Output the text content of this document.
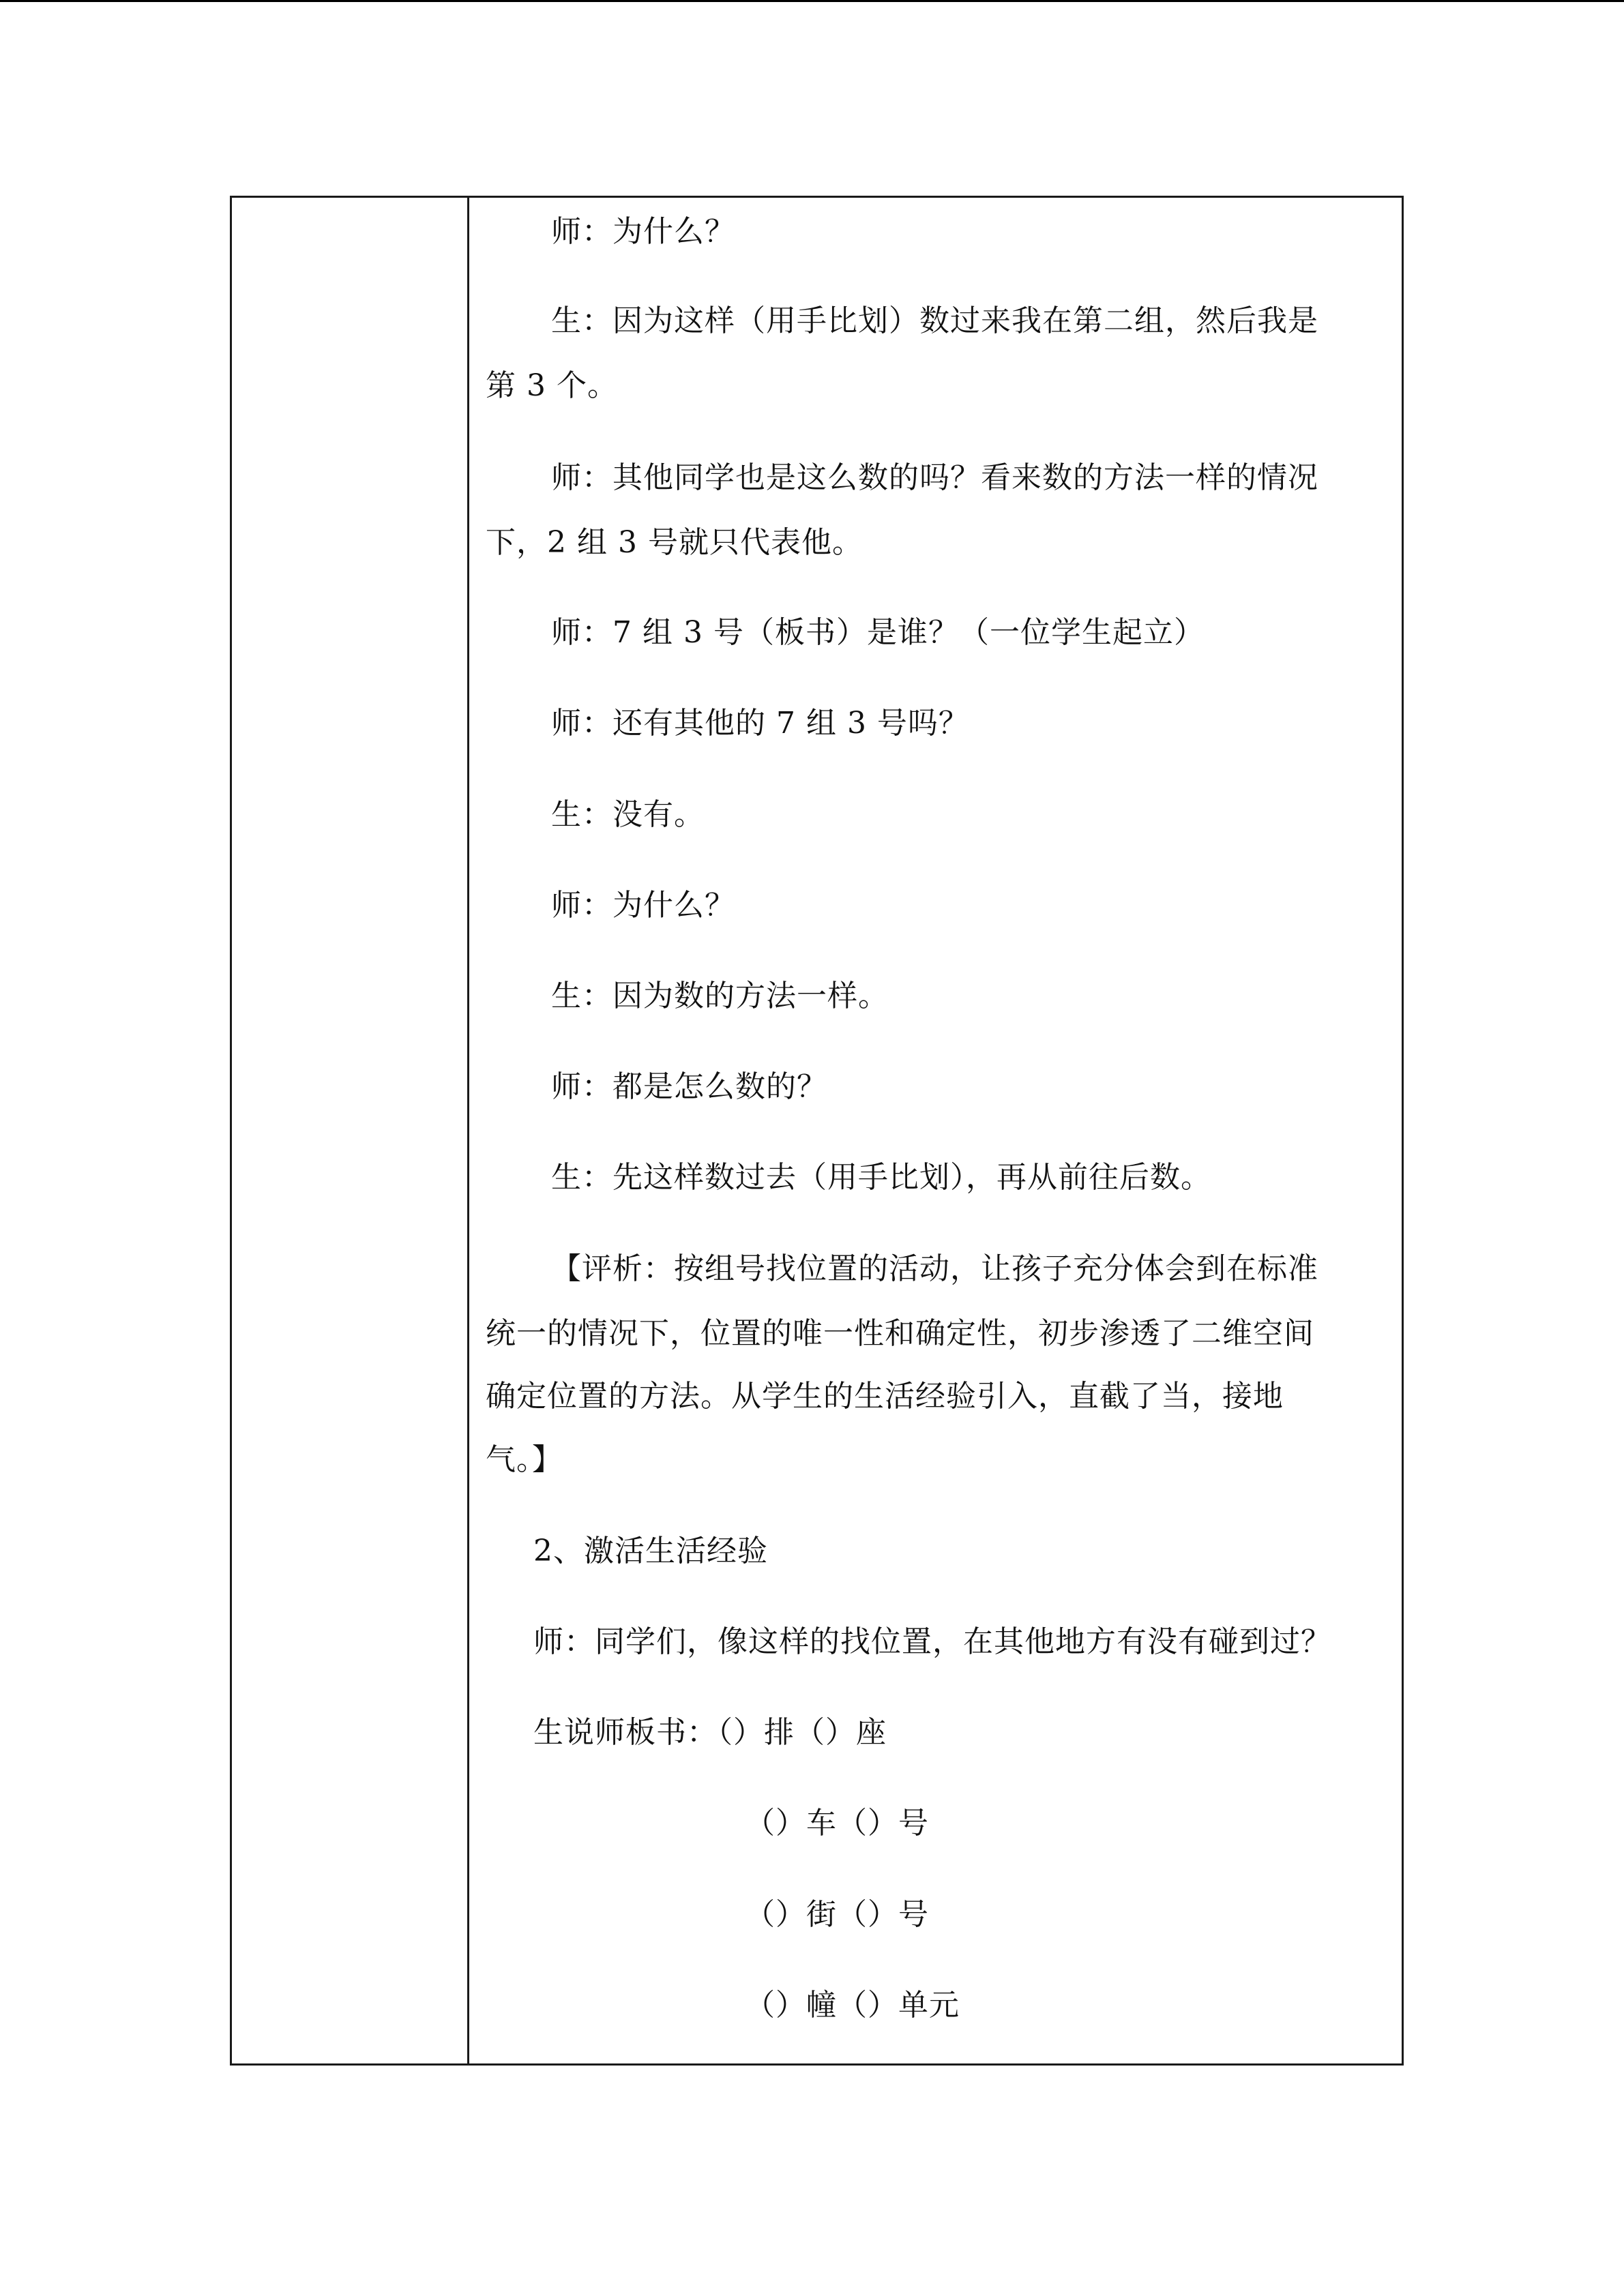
师：为什么？
生：因为这样（用手比划）数过来我在第二组，然后我是
第 3 个。
师：其他同学也是这么数的吗？看来数的方法一样的情况
下，2 组 3 号就只代表他。
师：7 组 3 号（板书）是谁？（一位学生起立）
师：还有其他的 7 组 3 号吗？
生：没有。
师：为什么？
生：因为数的方法一样。
师：都是怎么数的？
生：先这样数过去（用手比划），再从前往后数。
【评析：按组号找位置的活动，让孩子充分体会到在标准
统一的情况下，位置的唯一性和确定性，初步渗透了二维空间
确定位置的方法。从学生的生活经验引入，直截了当，接地
气。】
2、激活生活经验
师：同学们，像这样的找位置，在其他地方有没有碰到过？
生说师板书：（）排（）座
（）车（）号
（）街（）号
（）幢（）单元
